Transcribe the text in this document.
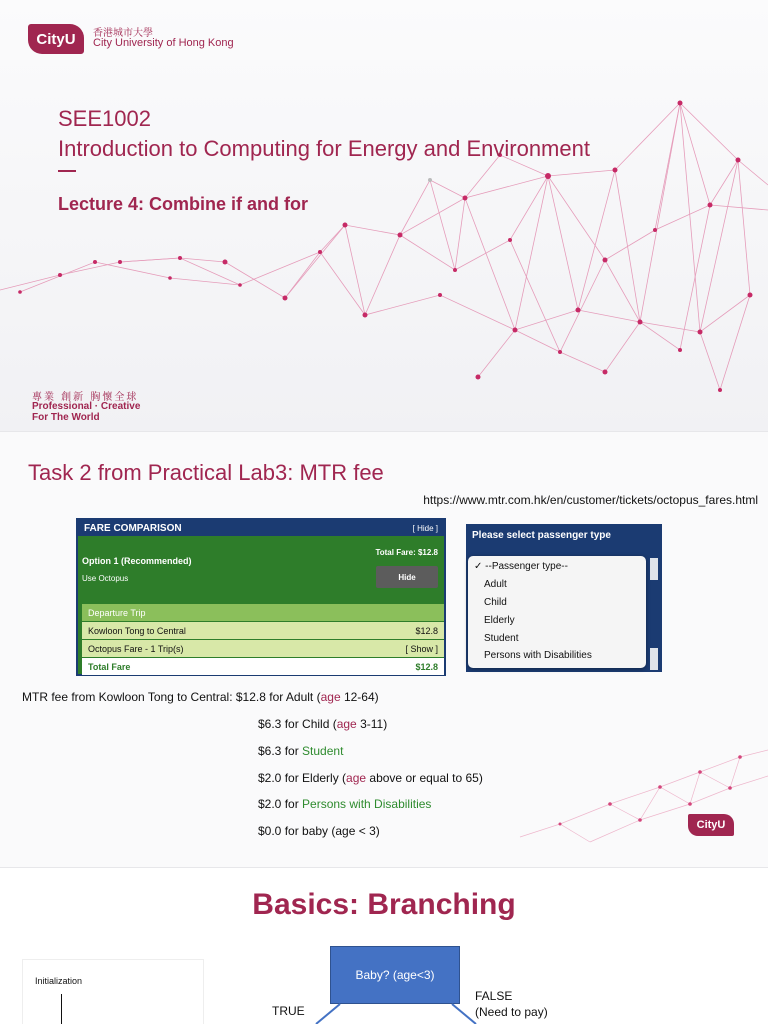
CityU	香港城市大學
City University of Hong Kong
SEE1002
Introduction to Computing for Energy and Environment
Lecture 4: Combine if and for
專業 創新 胸懷全球
Professional · Creative
For The World
Task 2 from Practical Lab3: MTR fee
https://www.mtr.com.hk/en/customer/tickets/octopus_fares.html
FARE COMPARISON	[ Hide ]
Option 1 (Recommended)
Use Octopus
Total Fare: $12.8
Hide
Departure Trip
Kowloon Tong to Central	$12.8
Octopus Fare - 1 Trip(s)	[ Show ]
Total Fare	$12.8
Please select passenger type
✓ --Passenger type--
Adult
Child
Elderly
Student
Persons with Disabilities
MTR fee from Kowloon Tong to Central: $12.8 for Adult (age 12-64)
$6.3 for Child (age 3-11)
$6.3 for Student
$2.0 for Elderly (age above or equal to 65)
$2.0 for Persons with Disabilities
$0.0 for baby (age < 3)	CityU
Basics: Branching
Initialization	Baby? (age<3)
TRUE
FALSE
(Need to pay)
